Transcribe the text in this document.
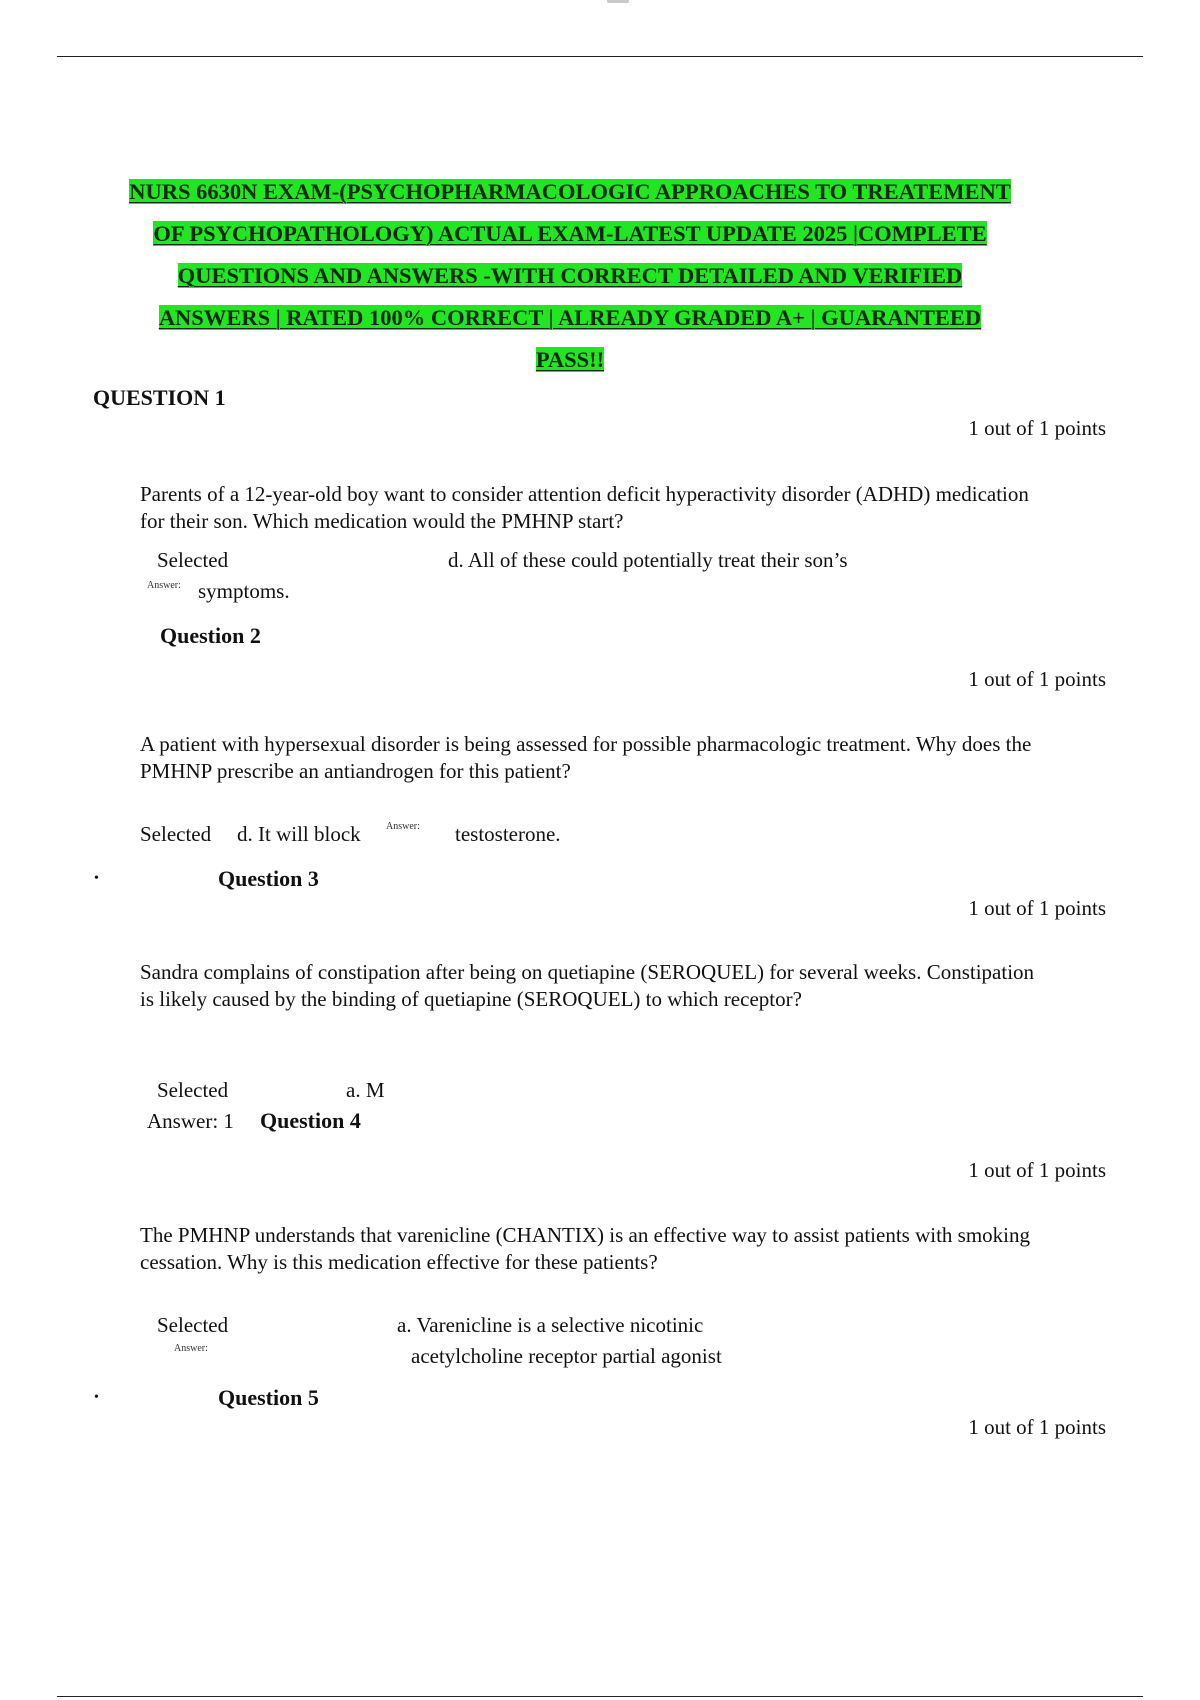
NURS 6630N EXAM-(PSYCHOPHARMACOLOGIC APPROACHES TO TREATEMENT
OF PSYCHOPATHOLOGY) ACTUAL EXAM-LATEST UPDATE 2025 |COMPLETE
QUESTIONS AND ANSWERS -WITH CORRECT DETAILED AND VERIFIED
ANSWERS | RATED 100% CORRECT | ALREADY GRADED A+ | GUARANTEED
PASS!!
QUESTION 1
1 out of 1 points
Parents of a 12-year-old boy want to consider attention deficit hyperactivity disorder (ADHD) medication for their son. Which medication would the PMHNP start?
Selected	d. All of these could potentially treat their son’s
Answer: symptoms.
Question 2
1 out of 1 points
A patient with hypersexual disorder is being assessed for possible pharmacologic treatment. Why does the PMHNP prescribe an antiandrogen for this patient?
Selected d. It will block	Answer: testosterone.
•	Question 3
1 out of 1 points
Sandra complains of constipation after being on quetiapine (SEROQUEL) for several weeks. Constipation is likely caused by the binding of quetiapine (SEROQUEL) to which receptor?
Selected	a. M
Answer: 1 Question 4
1 out of 1 points
The PMHNP understands that varenicline (CHANTIX) is an effective way to assist patients with smoking cessation. Why is this medication effective for these patients?
Selected	a. Varenicline is a selective nicotinic
Answer:	acetylcholine receptor partial agonist
•	Question 5
1 out of 1 points
